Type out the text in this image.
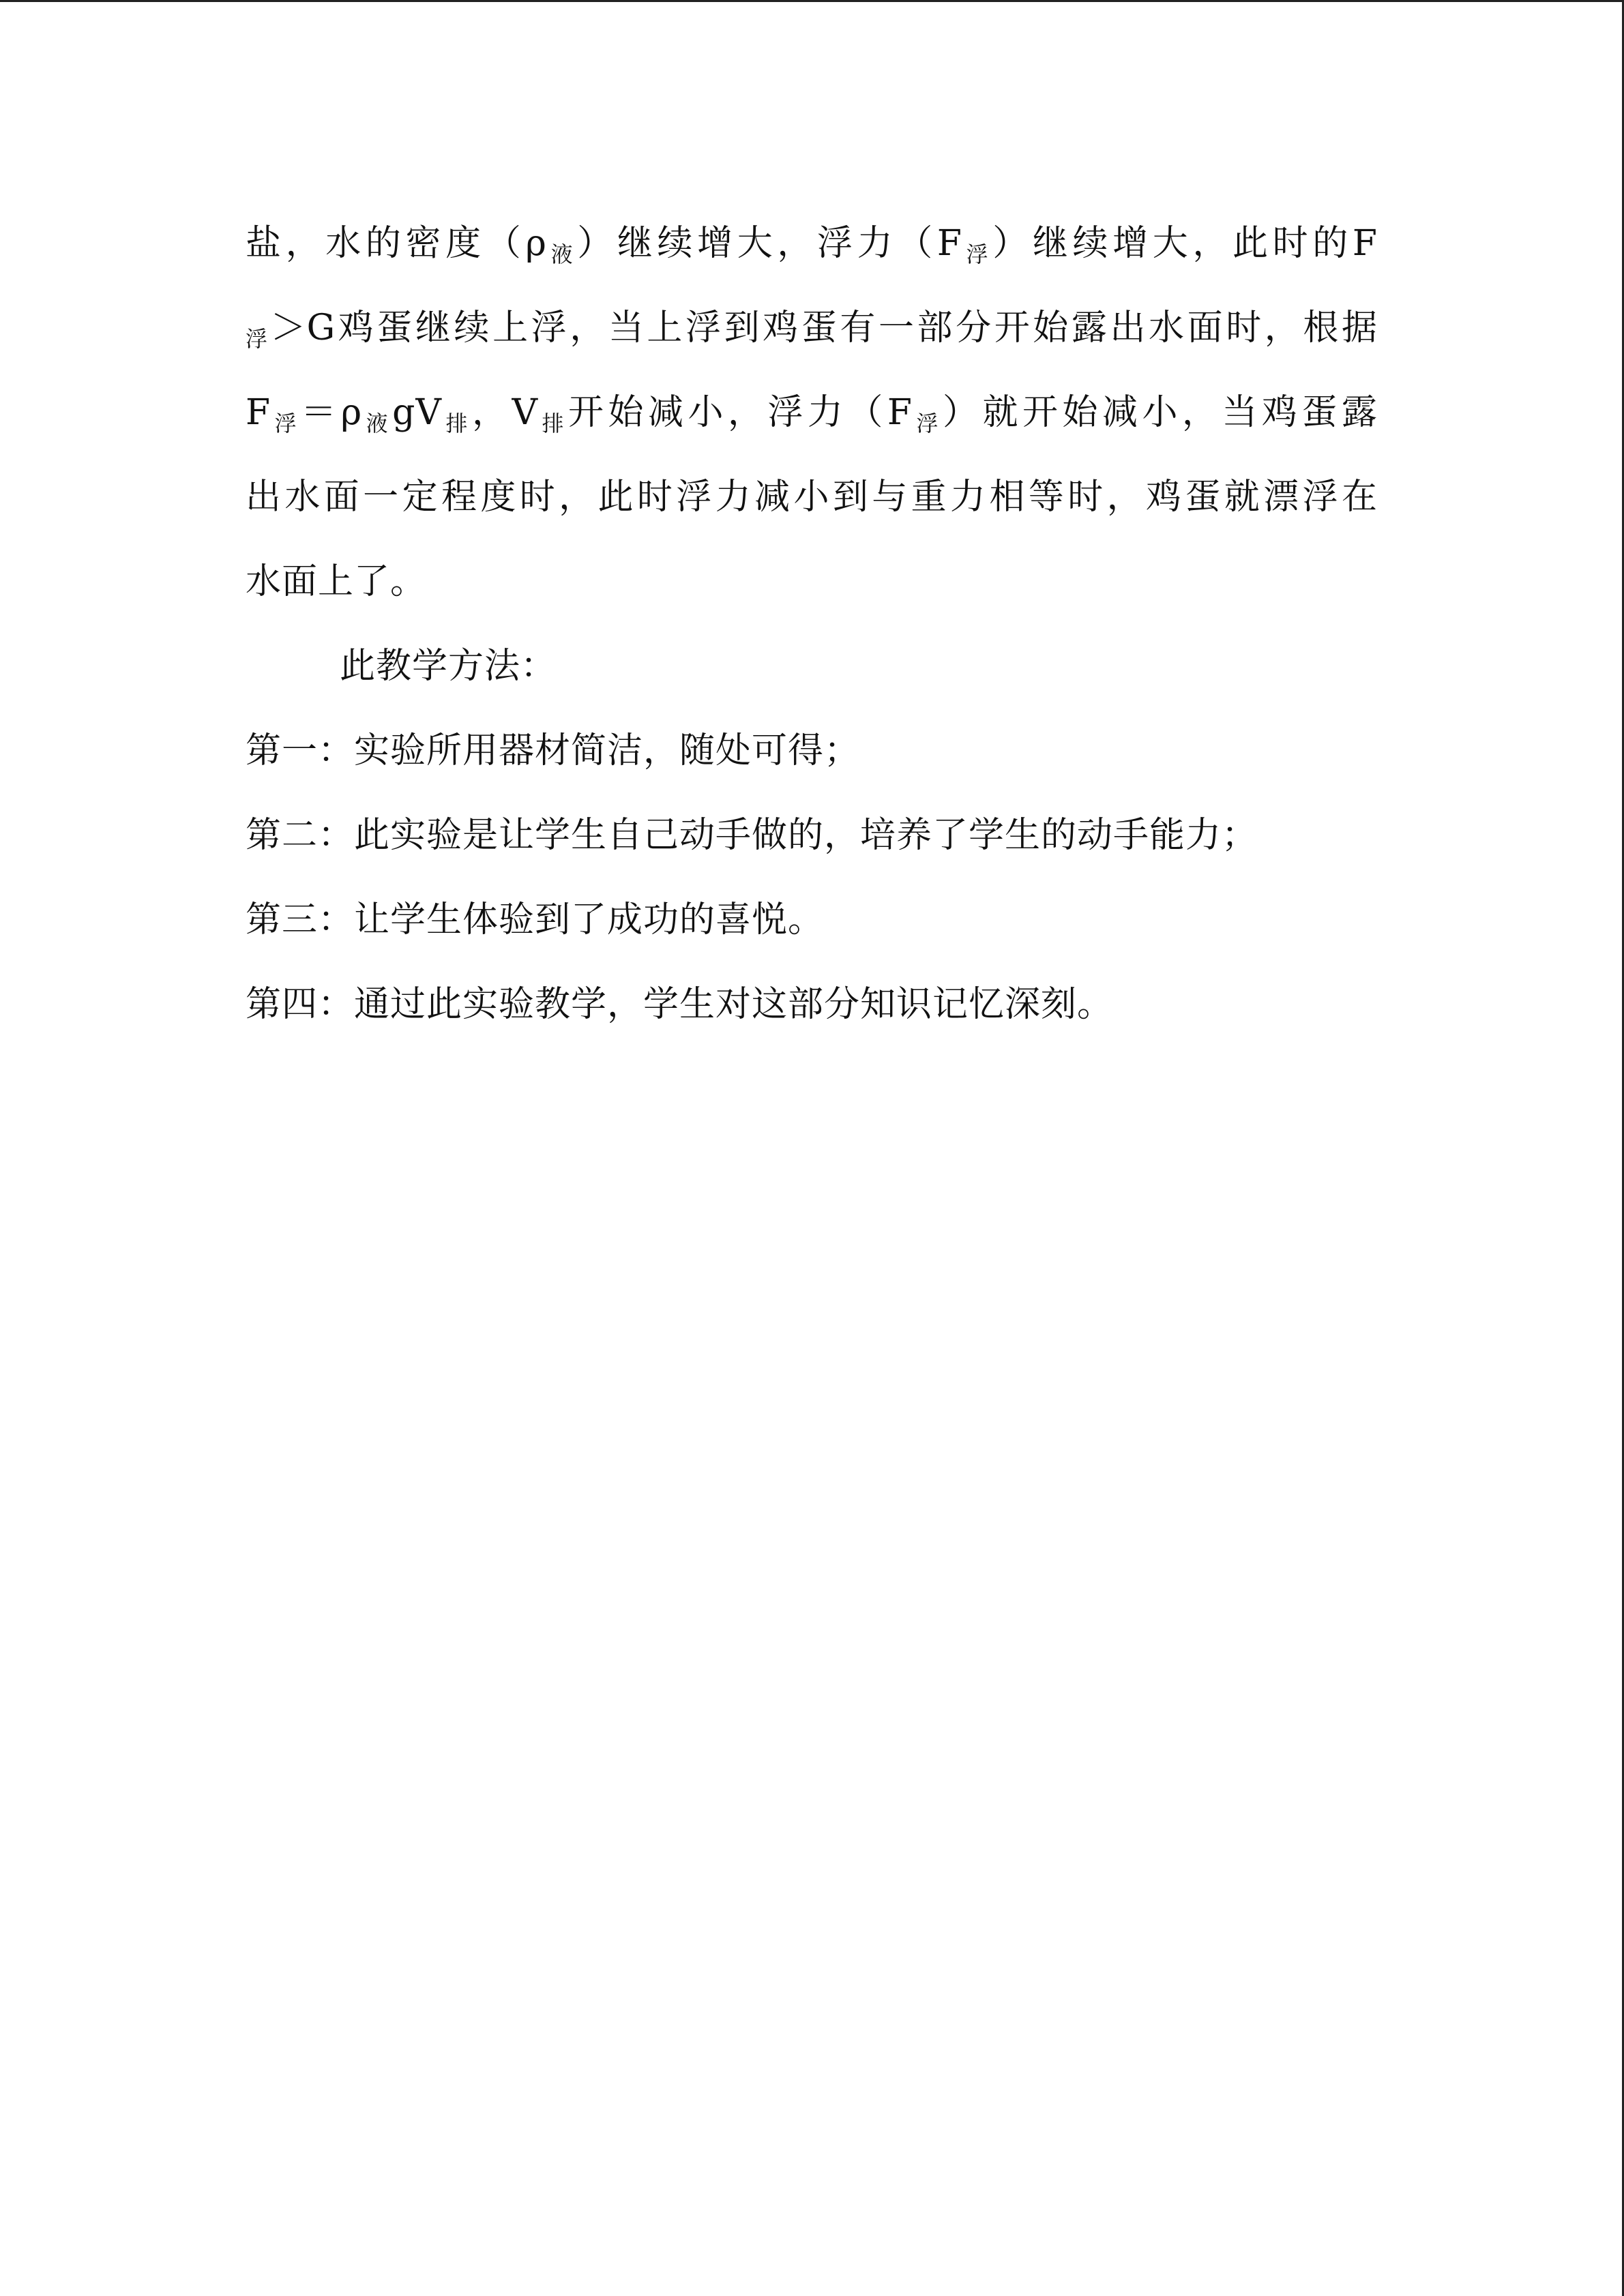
盐，水的密度$(\rho_液)$继续增大，浮力$(F_浮)$继续增大，此时的F
$_浮$＞G鸡蛋继续上浮，当上浮到鸡蛋有一部分开始露出水面时，根据
$F_浮=\rho_液gV_排$，$V_排$开始减小，浮力$(F_浮)$就开始减小，当鸡蛋露
出水面一定程度时，此时浮力减小到与重力相等时，鸡蛋就漂浮在
水面上了。
此教学方法：
第一：实验所用器材简洁，随处可得；
第二：此实验是让学生自己动手做的，培养了学生的动手能力；
第三：让学生体验到了成功的喜悦。
第四：通过此实验教学，学生对这部分知识记忆深刻。
